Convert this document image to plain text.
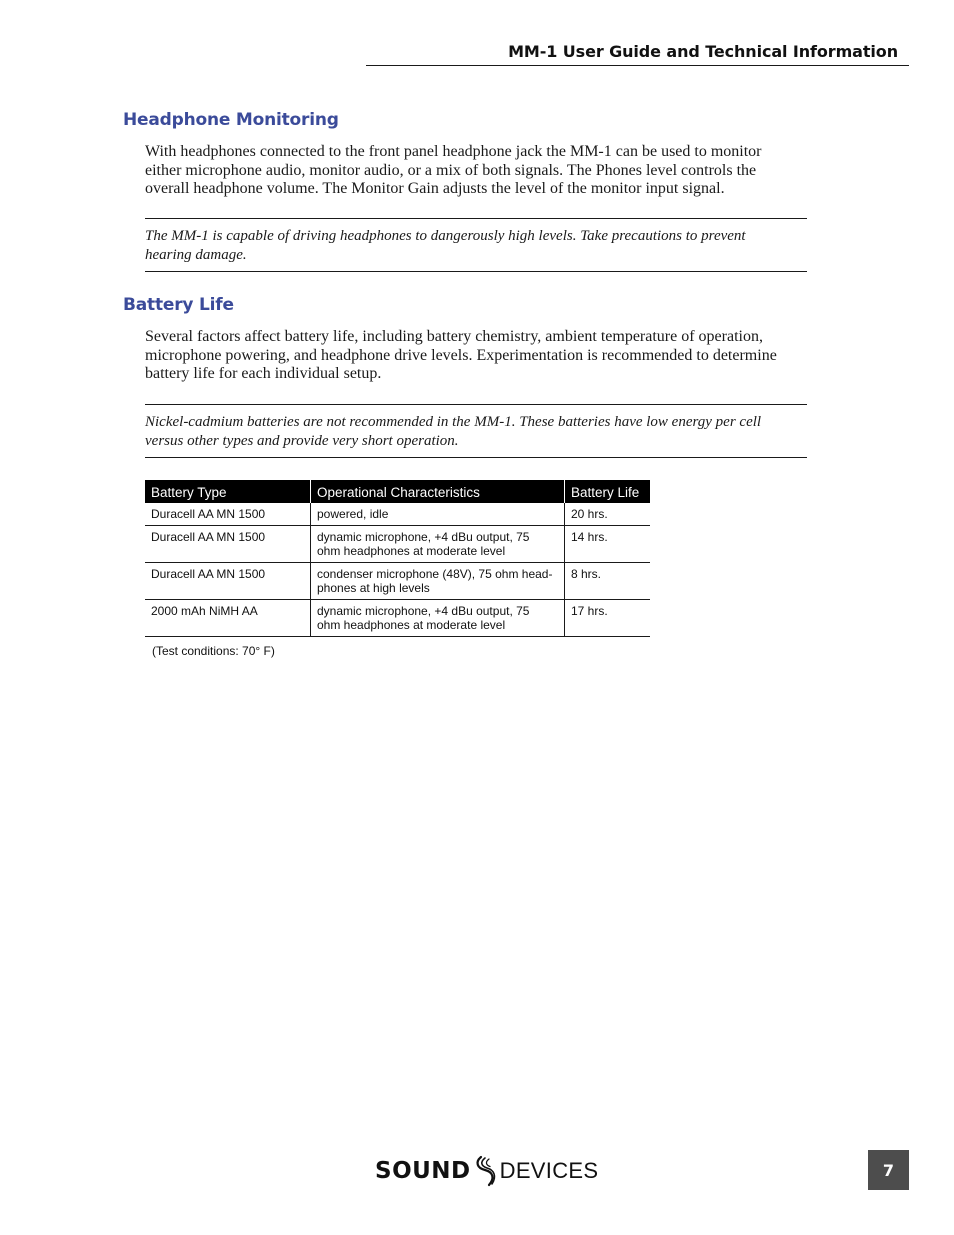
MM-1 User Guide and Technical Information
Headphone Monitoring
With headphones connected to the front panel headphone jack the MM-1 can be used to monitor
either microphone audio, monitor audio, or a mix of both signals. The Phones level controls the
overall headphone volume. The Monitor Gain adjusts the level of the monitor input signal.
The MM-1 is capable of driving headphones to dangerously high levels. Take precautions to prevent
hearing damage.
Battery Life
Several factors affect battery life, including battery chemistry, ambient temperature of operation,
microphone powering, and headphone drive levels. Experimentation is recommended to determine
battery life for each individual setup.
Nickel-cadmium batteries are not recommended in the MM-1. These batteries have low energy per cell
versus other types and provide very short operation.
Battery Type	Operational Characteristics	Battery Life
Duracell AA MN 1500	powered, idle	20 hrs.
Duracell AA MN 1500	dynamic microphone, +4 dBu output, 75
ohm headphones at moderate level	14 hrs.
Duracell AA MN 1500	condenser microphone (48V), 75 ohm head-
phones at high levels	8 hrs.
2000 mAh NiMH AA	dynamic microphone, +4 dBu output, 75
ohm headphones at moderate level	17 hrs.
(Test conditions: 70° F)
SOUND DEVICES	7
